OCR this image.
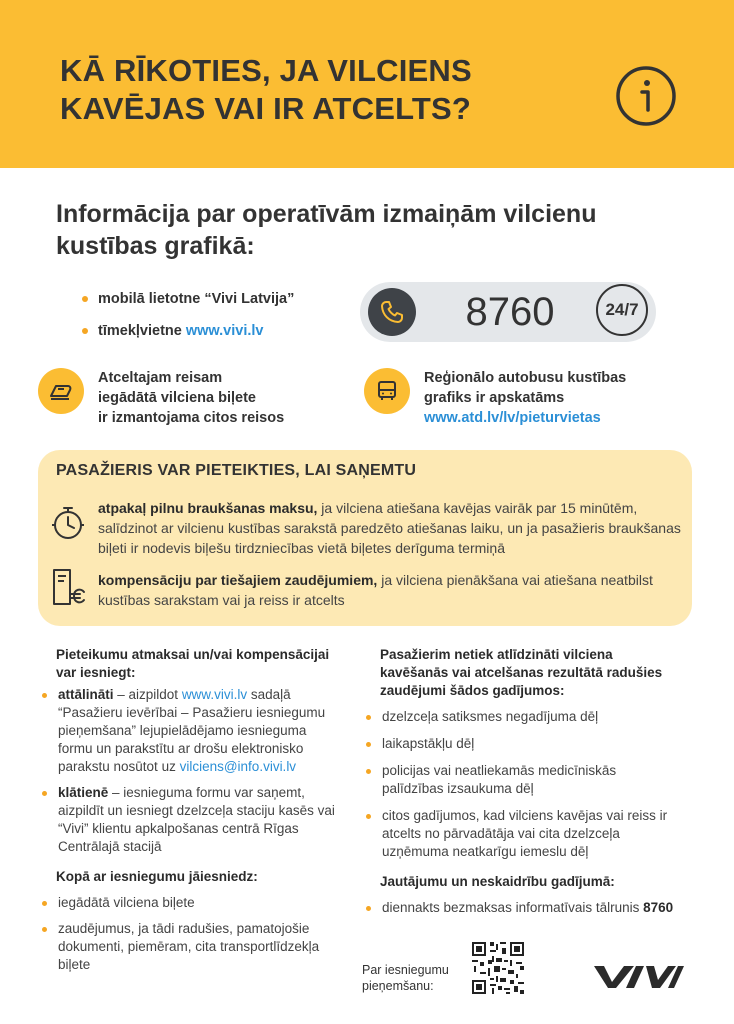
KĀ RĪKOTIES, JA VILCIENS
KAVĒJAS VAI IR ATCELTS?
Informācija par operatīvām izmaiņām vilcienu kustības grafikā:
mobilā lietotne “Vivi Latvija”
tīmekļvietne www.vivi.lv	8760	24/7
Atceltajam reisam
iegādātā vilciena biļete
ir izmantojama citos reisos
Reģionālo autobusu kustības
grafiks ir apskatāms
www.atd.lv/lv/pieturvietas
PASAŽIERIS VAR PIETEIKTIES, LAI SAŅEMTU
atpakaļ pilnu braukšanas maksu, ja vilciena atiešana kavējas vairāk par 15 minūtēm, salīdzinot ar vilcienu kustības sarakstā paredzēto atiešanas laiku, un ja pasažieris braukšanas biļeti ir nodevis biļešu tirdzniecības vietā biļetes derīguma termiņā
kompensāciju par tiešajiem zaudējumiem, ja vilciena pienākšana vai atiešana neatbilst kustības sarakstam vai ja reiss ir atcelts
Pieteikumu atmaksai un/vai kompensācijai var iesniegt:
attālināti – aizpildot www.vivi.lv sadaļā “Pasažieru ievērībai – Pasažieru iesniegumu pieņemšana” lejupielādējamo iesnieguma formu un parakstītu ar drošu elektronisko parakstu nosūtot uz vilciens@info.vivi.lv
klātienē – iesnieguma formu var saņemt, aizpildīt un iesniegt dzelzceļa staciju kasēs vai “Vivi” klientu apkalpošanas centrā Rīgas Centrālajā stacijā
Kopā ar iesniegumu jāiesniedz:
iegādātā vilciena biļete
zaudējumus, ja tādi radušies, pamatojošie dokumenti, piemēram, cita transportlīdzekļa biļete
Pasažierim netiek atlīdzināti vilciena kavēšanās vai atcelšanas rezultātā radušies zaudējumi šādos gadījumos:
dzelzceļa satiksmes negadījuma dēļ
laikapstākļu dēļ
policijas vai neatliekamās medicīniskās palīdzības izsaukuma dēļ
citos gadījumos, kad vilciens kavējas vai reiss ir atcelts no pārvadātāja vai cita dzelzceļa uzņēmuma neatkarīgu iemeslu dēļ
Jautājumu un neskaidrību gadījumā:
diennakts bezmaksas informatīvais tālrunis 8760
Par iesniegumu
pieņemšanu:
